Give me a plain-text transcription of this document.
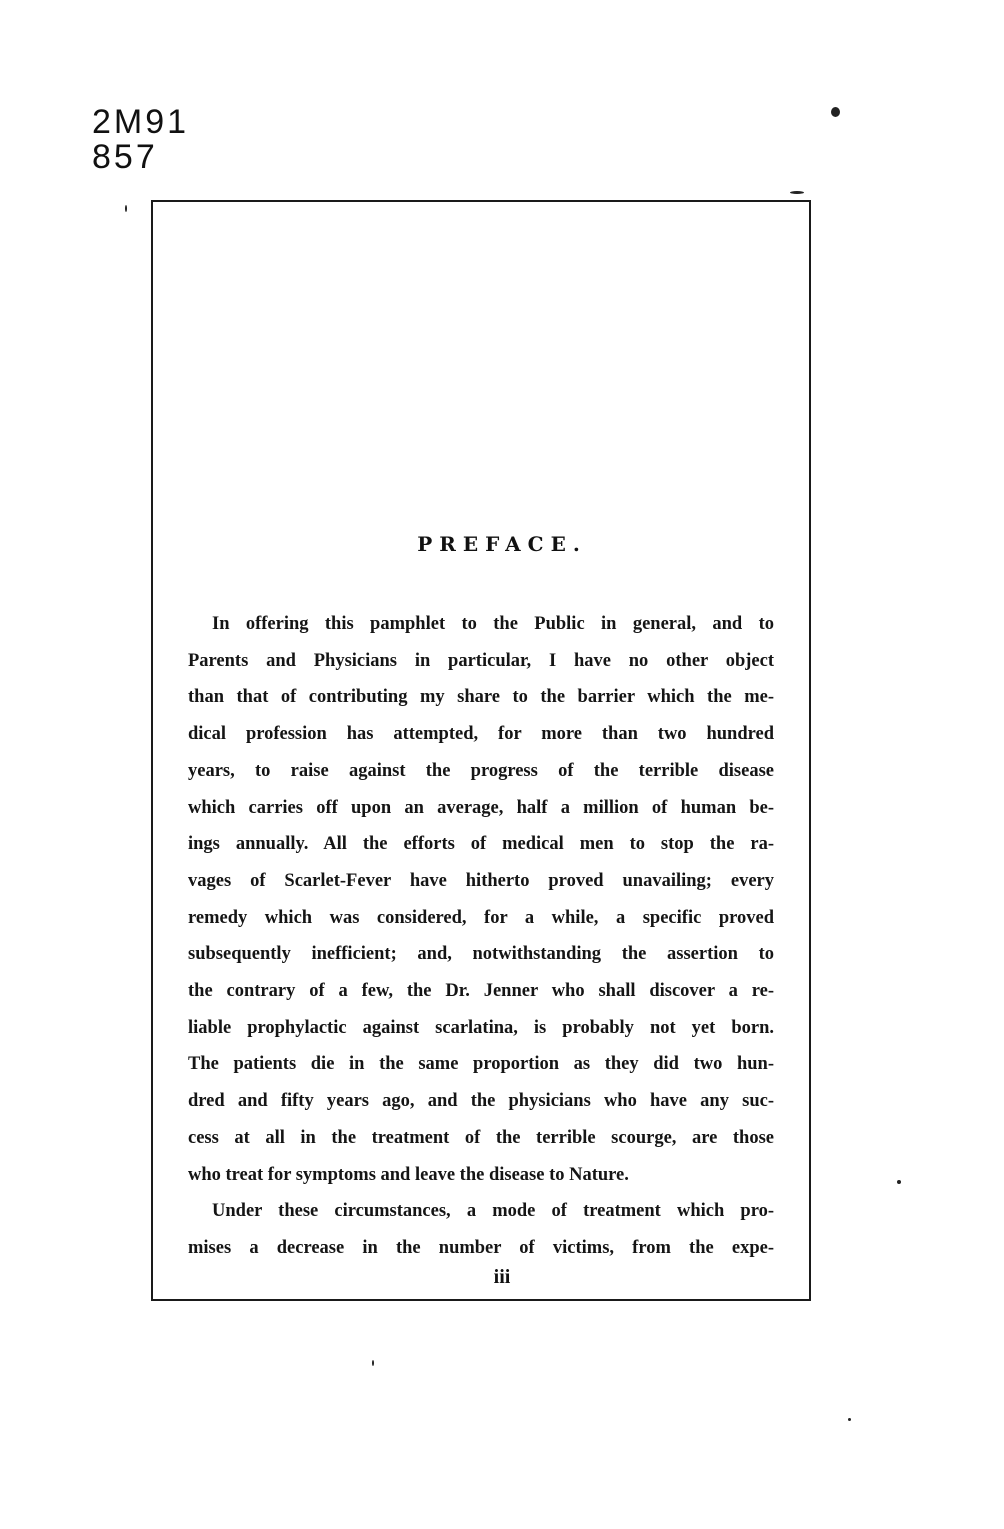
2M91
857
PREFACE.

In offering this pamphlet to the Public in general, and to
Parents and Physicians in particular, I have no other object
than that of contributing my share to the barrier which the me-
dical profession has attempted, for more than two hundred
years, to raise against the progress of the terrible disease
which carries off upon an average, half a million of human be-
ings annually. All the efforts of medical men to stop the ra-
vages of Scarlet-Fever have hitherto proved unavailing; every
remedy which was considered, for a while, a specific proved
subsequently inefficient; and, notwithstanding the assertion to
the contrary of a few, the Dr. Jenner who shall discover a re-
liable prophylactic against scarlatina, is probably not yet born.
The patients die in the same proportion as they did two hun-
dred and fifty years ago, and the physicians who have any suc-
cess at all in the treatment of the terrible scourge, are those
who treat for symptoms and leave the disease to Nature.

Under these circumstances, a mode of treatment which pro-
mises a decrease in the number of victims, from the expe-

iii
